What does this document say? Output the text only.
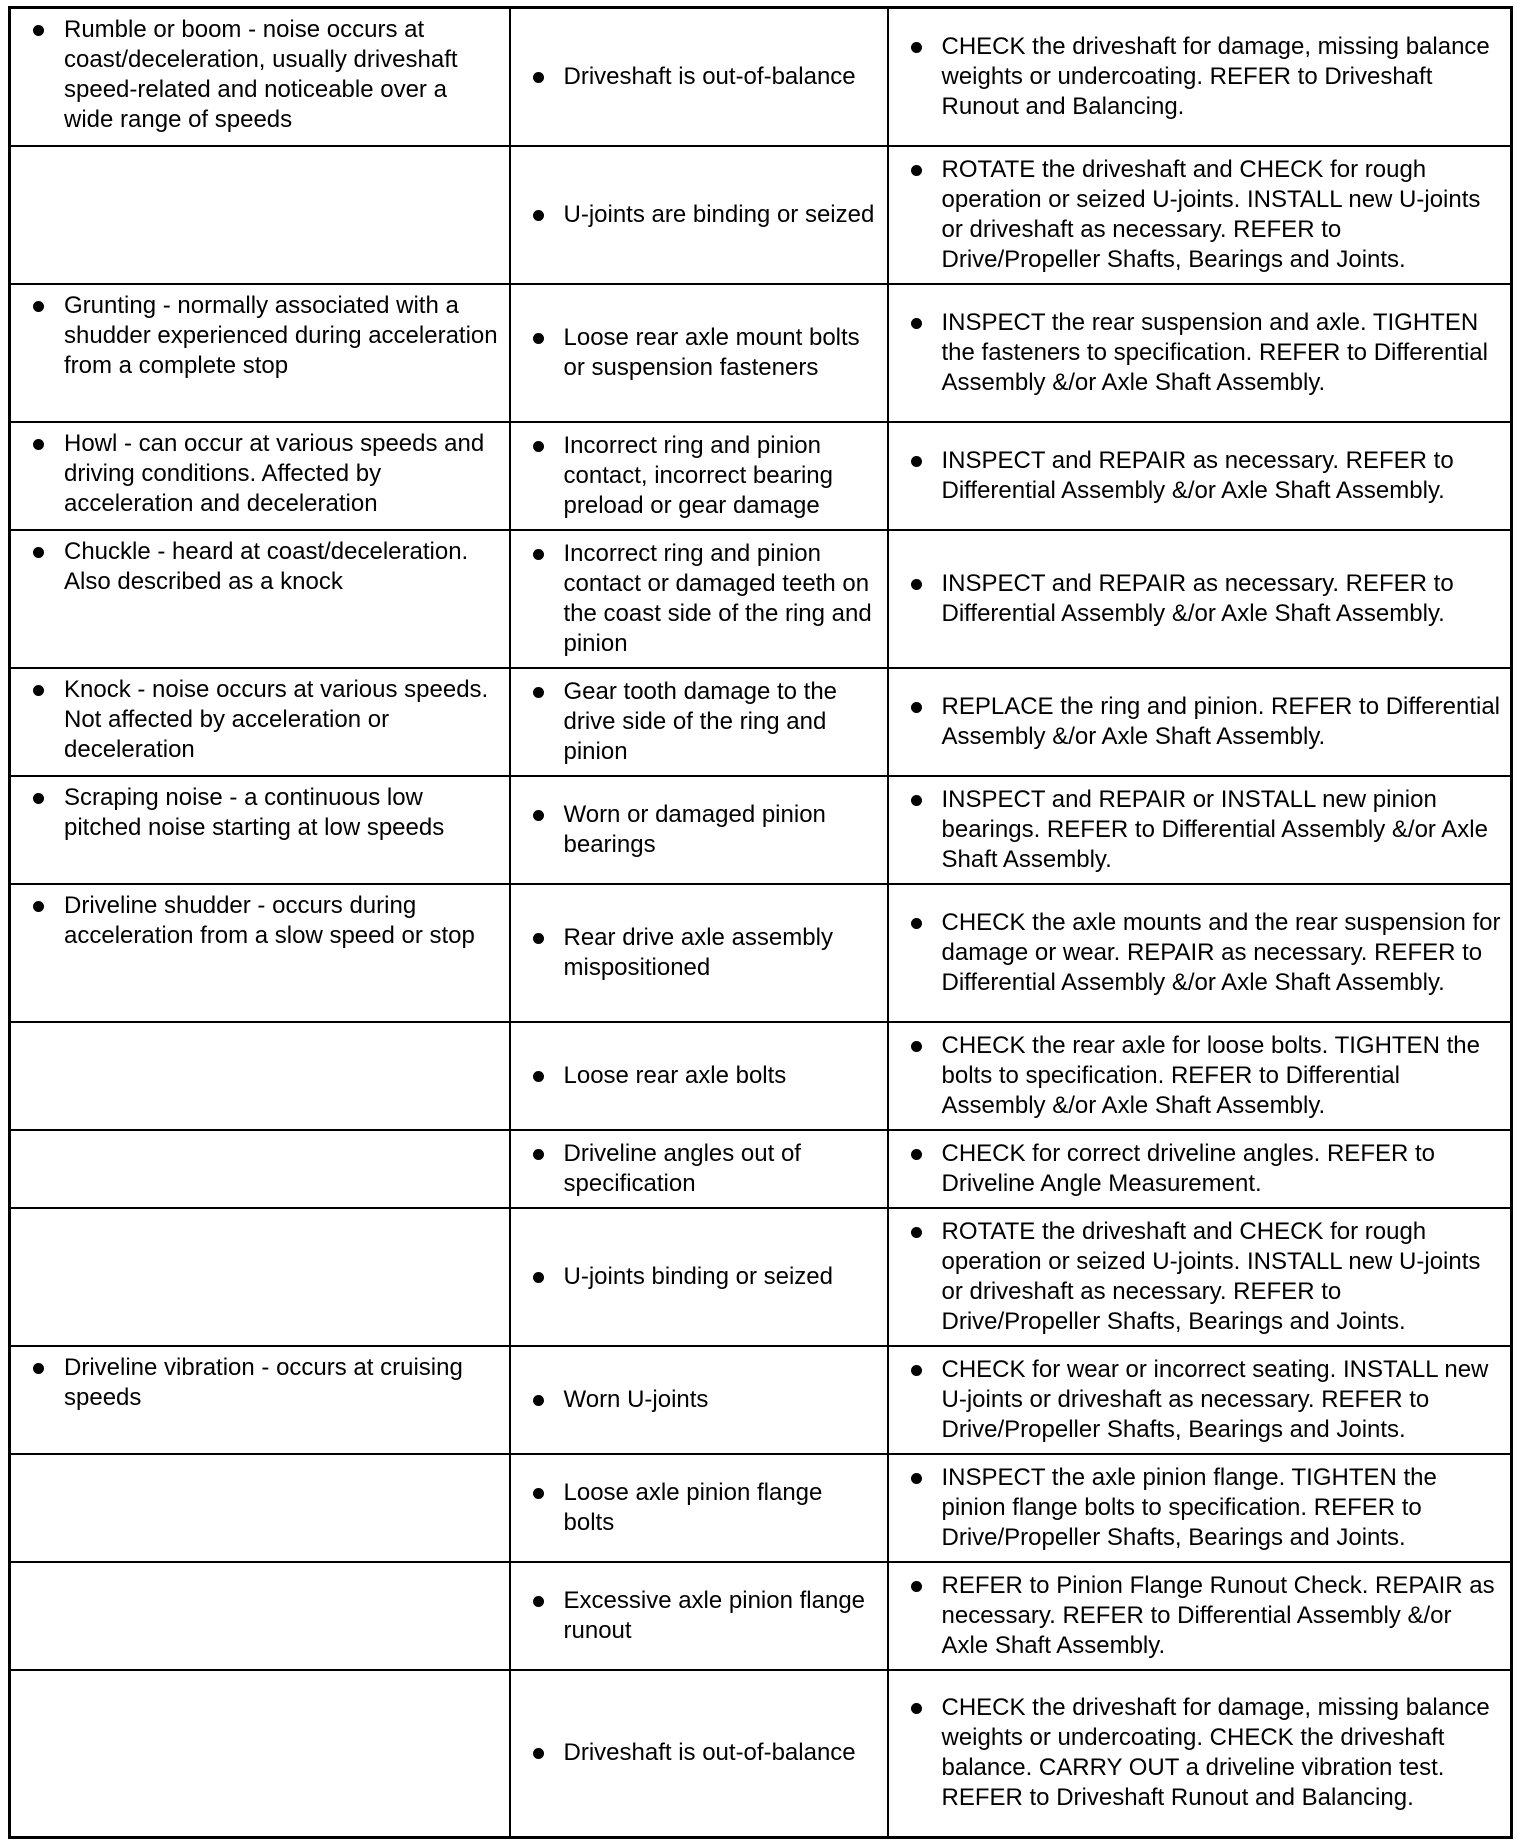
Rumble or boom - noise occurs at coast/deceleration, usually driveshaft speed-related and noticeable over a wide range of speeds	Driveshaft is out-of-balance	CHECK the driveshaft for damage, missing balance weights or undercoating. REFER to Driveshaft Runout and Balancing.

	U-joints are binding or seized	ROTATE the driveshaft and CHECK for rough operation or seized U-joints. INSTALL new U-joints or driveshaft as necessary. REFER to Drive/Propeller Shafts, Bearings and Joints.

Grunting - normally associated with a shudder experienced during acceleration from a complete stop	Loose rear axle mount bolts or suspension fasteners	INSPECT the rear suspension and axle. TIGHTEN the fasteners to specification. REFER to Differential Assembly &/or Axle Shaft Assembly.

Howl - can occur at various speeds and driving conditions. Affected by acceleration and deceleration	Incorrect ring and pinion contact, incorrect bearing preload or gear damage	INSPECT and REPAIR as necessary. REFER to Differential Assembly &/or Axle Shaft Assembly.

Chuckle - heard at coast/deceleration. Also described as a knock	Incorrect ring and pinion contact or damaged teeth on the coast side of the ring and pinion	INSPECT and REPAIR as necessary. REFER to Differential Assembly &/or Axle Shaft Assembly.

Knock - noise occurs at various speeds. Not affected by acceleration or deceleration	Gear tooth damage to the drive side of the ring and pinion	REPLACE the ring and pinion. REFER to Differential Assembly &/or Axle Shaft Assembly.

Scraping noise - a continuous low pitched noise starting at low speeds	Worn or damaged pinion bearings	INSPECT and REPAIR or INSTALL new pinion bearings. REFER to Differential Assembly &/or Axle Shaft Assembly.

Driveline shudder - occurs during acceleration from a slow speed or stop	Rear drive axle assembly mispositioned	CHECK the axle mounts and the rear suspension for damage or wear. REPAIR as necessary. REFER to Differential Assembly &/or Axle Shaft Assembly.

	Loose rear axle bolts	CHECK the rear axle for loose bolts. TIGHTEN the bolts to specification. REFER to Differential Assembly &/or Axle Shaft Assembly.

	Driveline angles out of specification	CHECK for correct driveline angles. REFER to Driveline Angle Measurement.

	U-joints binding or seized	ROTATE the driveshaft and CHECK for rough operation or seized U-joints. INSTALL new U-joints or driveshaft as necessary. REFER to Drive/Propeller Shafts, Bearings and Joints.

Driveline vibration - occurs at cruising speeds	Worn U-joints	CHECK for wear or incorrect seating. INSTALL new U-joints or driveshaft as necessary. REFER to Drive/Propeller Shafts, Bearings and Joints.

	Loose axle pinion flange bolts	INSPECT the axle pinion flange. TIGHTEN the pinion flange bolts to specification. REFER to Drive/Propeller Shafts, Bearings and Joints.

	Excessive axle pinion flange runout	REFER to Pinion Flange Runout Check. REPAIR as necessary. REFER to Differential Assembly &/or Axle Shaft Assembly.

	Driveshaft is out-of-balance	CHECK the driveshaft for damage, missing balance weights or undercoating. CHECK the driveshaft balance. CARRY OUT a driveline vibration test. REFER to Driveshaft Runout and Balancing.
